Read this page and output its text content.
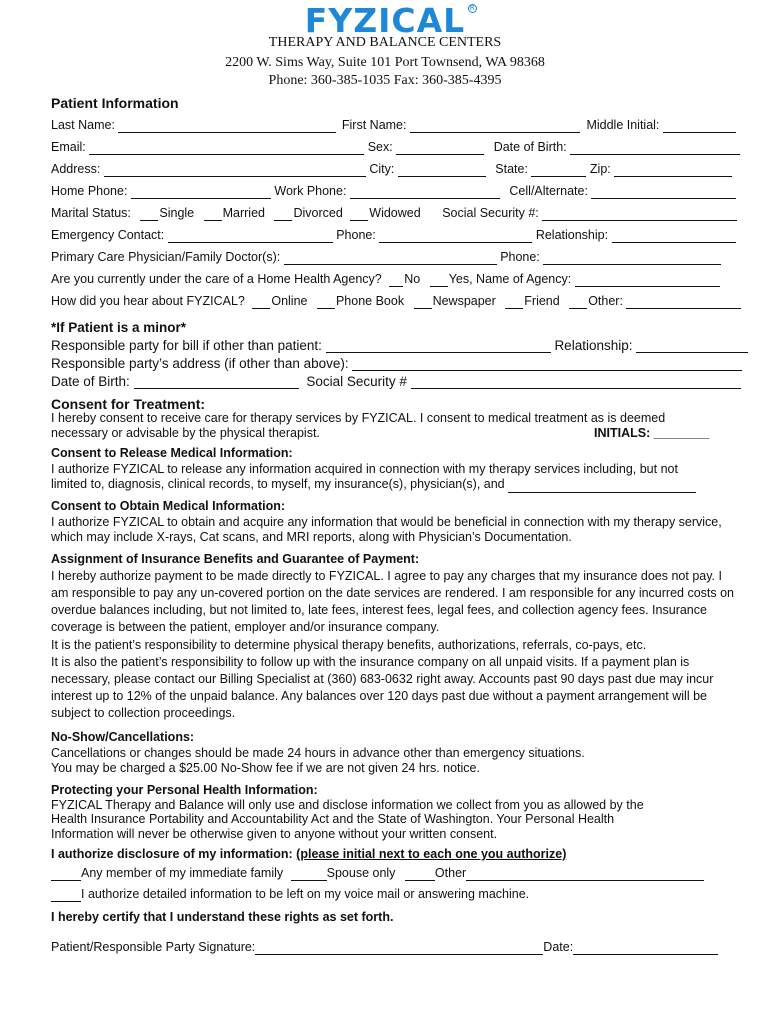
FYZICAL R
THERAPY AND BALANCE CENTERS
2200 W. Sims Way, Suite 101 Port Townsend, WA 98368
Phone: 360-385-1035 Fax: 360-385-4395
Patient Information
Last Name:	First Name:	Middle Initial:
Email:	Sex:	Date of Birth:
Address:	City:	State:	Zip:
Home Phone:	Work Phone:	Cell/Alternate:
Marital Status: Single Married Divorced Widowed Social Security #:
Emergency Contact:	Phone:	Relationship:
Primary Care Physician/Family Doctor(s):	Phone:
Are you currently under the care of a Home Health Agency? No Yes, Name of Agency:
How did you hear about FYZICAL? Online Phone Book Newspaper Friend Other:
*If Patient is a minor*
Responsible party for bill if other than patient:	Relationship:
Responsible party’s address (if other than above):
Date of Birth:	Social Security #
Consent for Treatment:
I hereby consent to receive care for therapy services by FYZICAL. I consent to medical treatment as is deemed
necessary or advisable by the physical therapist.	INITIALS: ________
Consent to Release Medical Information:
I authorize FYZICAL to release any information acquired in connection with my therapy services including, but not
limited to, diagnosis, clinical records, to myself, my insurance(s), physician(s), and
Consent to Obtain Medical Information:
I authorize FYZICAL to obtain and acquire any information that would be beneficial in connection with my therapy service, which may include X-rays, Cat scans, and MRI reports, along with Physician’s Documentation.
Assignment of Insurance Benefits and Guarantee of Payment:
I hereby authorize payment to be made directly to FYZICAL. I agree to pay any charges that my insurance does not pay. I am responsible to pay any un-covered portion on the date services are rendered. I am responsible for any incurred costs on overdue balances including, but not limited to, late fees, interest fees, legal fees, and collection agency fees. Insurance coverage is between the patient, employer and/or insurance company.
It is the patient’s responsibility to determine physical therapy benefits, authorizations, referrals, co-pays, etc.
It is also the patient’s responsibility to follow up with the insurance company on all unpaid visits. If a payment plan is necessary, please contact our Billing Specialist at (360) 683-0632 right away. Accounts past 90 days past due may incur interest up to 12% of the unpaid balance. Any balances over 120 days past due without a payment arrangement will be subject to collection proceedings.
No-Show/Cancellations:
Cancellations or changes should be made 24 hours in advance other than emergency situations.
You may be charged a $25.00 No-Show fee if we are not given 24 hrs. notice.
Protecting your Personal Health Information:
FYZICAL Therapy and Balance will only use and disclose information we collect from you as allowed by the
Health Insurance Portability and Accountability Act and the State of Washington. Your Personal Health
Information will never be otherwise given to anyone without your written consent.
I authorize disclosure of my information: (please initial next to each one you authorize)
Any member of my immediate family	Spouse only	Other
I authorize detailed information to be left on my voice mail or answering machine.
I hereby certify that I understand these rights as set forth.
Patient/Responsible Party Signature:	Date:
